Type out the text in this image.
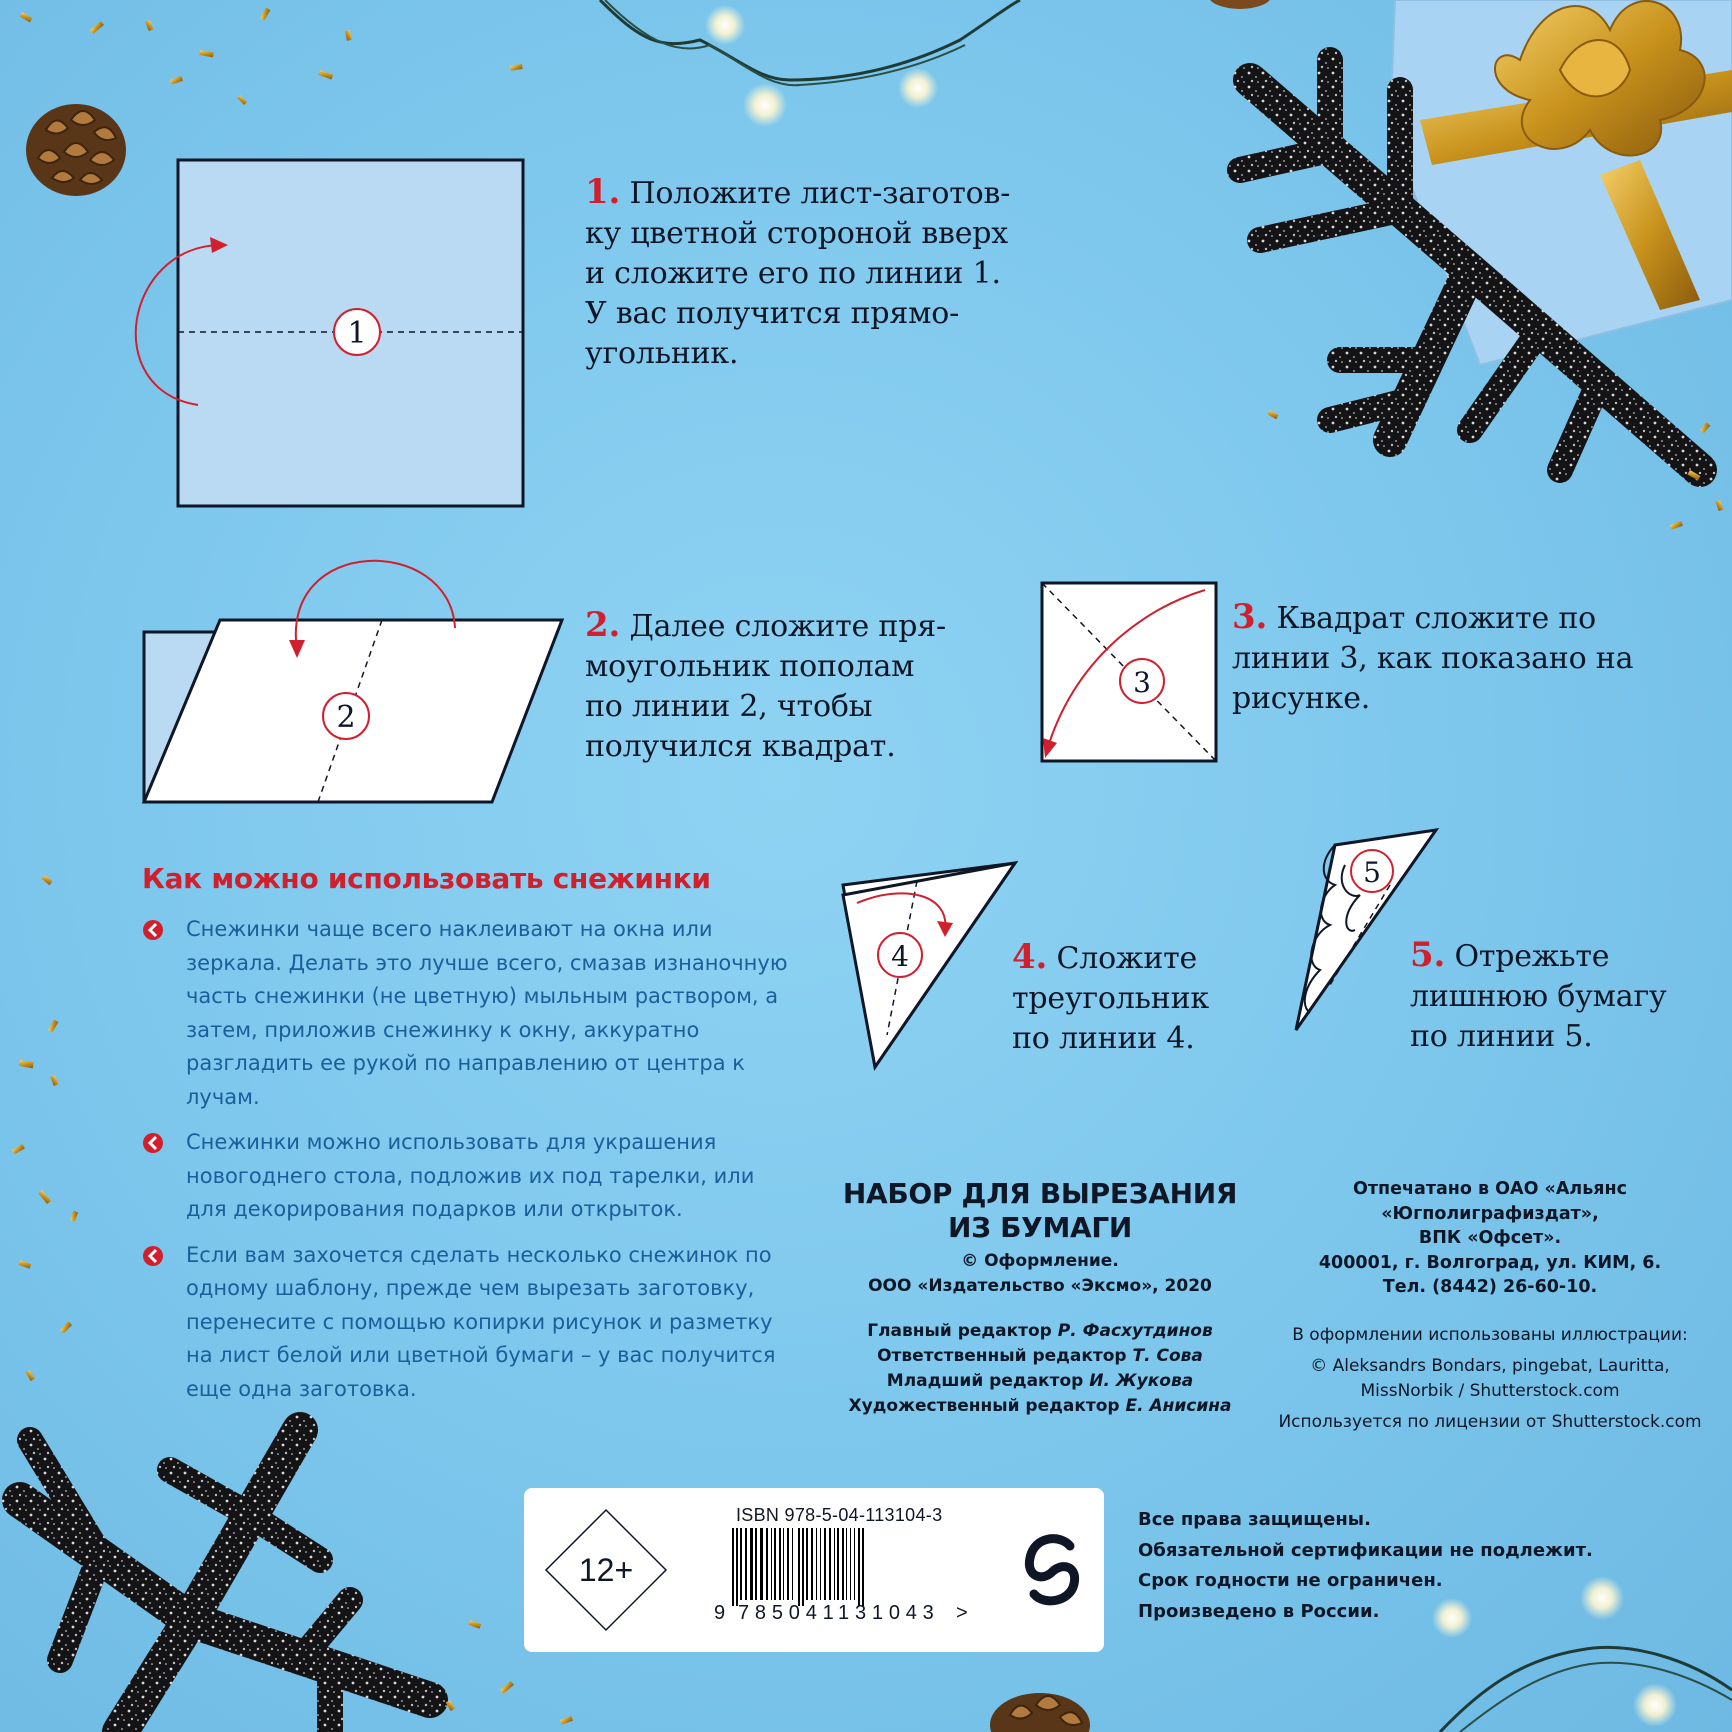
1
1. Положите лист-заготов-
ку цветной стороной вверх
и сложите его по линии 1.
У вас получится прямо-
угольник.
2
2. Далее сложите пря-
моугольник пополам
по линии 2, чтобы
получился квадрат.
3
3. Квадрат сложите по
линии 3, как показано на
рисунке.
4	4. Сложите
треугольник
по линии 4.
5
5. Отрежьте
лишнюю бумагу
по линии 5.
Как можно использовать снежинки
Снежинки чаще всего наклеивают на окна или зеркала. Делать это лучше всего, смазав изнаночную часть снежинки (не цветную) мыльным раствором, а затем, приложив снежинку к окну, аккуратно разгладить ее рукой по направлению от центра к лучам.
Снежинки можно использовать для украшения новогоднего стола, подложив их под тарелки, или для декорирования подарков или открыток.
Если вам захочется сделать несколько снежинок по одному шаблону, прежде чем вырезать заготовку, перенесите с помощью копирки рисунок и разметку на лист белой или цветной бумаги – у вас получится еще одна заготовка.
НАБОР ДЛЯ ВЫРЕЗАНИЯ
ИЗ БУМАГИ
© Оформление.
ООО «Издательство «Эксмо», 2020
Главный редактор Р. Фасхутдинов
Ответственный редактор Т. Сова
Младший редактор И. Жукова
Художественный редактор Е. Анисина
Отпечатано в ОАО «Альянс
«Югполиграфиздат»,
ВПК «Офсет».
400001, г. Волгоград, ул. КИМ, 6.
Тел. (8442) 26-60-10.
В оформлении использованы иллюстрации:
© Aleksandrs Bondars, pingebat, Lauritta,
MissNorbik / Shutterstock.com
Используется по лицензии от Shutterstock.com
12+
ISBN 978-5-04-113104-3
9 785041131043 >
Все права защищены.
Обязательной сертификации не подлежит.
Срок годности не ограничен.
Произведено в России.
